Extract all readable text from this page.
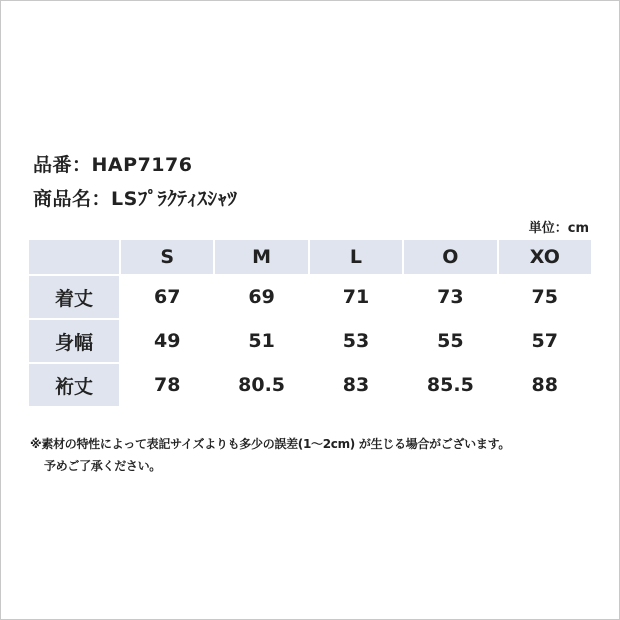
品番：HAP7176
商品名：LSﾌﾟﾗｸﾃｨｽｼｬﾂ
単位：cm
	S	M	L	O	XO
着丈	67	69	71	73	75
身幅	49	51	53	55	57
裄丈	78	80.5	83	85.5	88
※素材の特性によって表記サイズよりも多少の誤差(1～2cm) が生じる場合がございます。
予めご了承ください。
